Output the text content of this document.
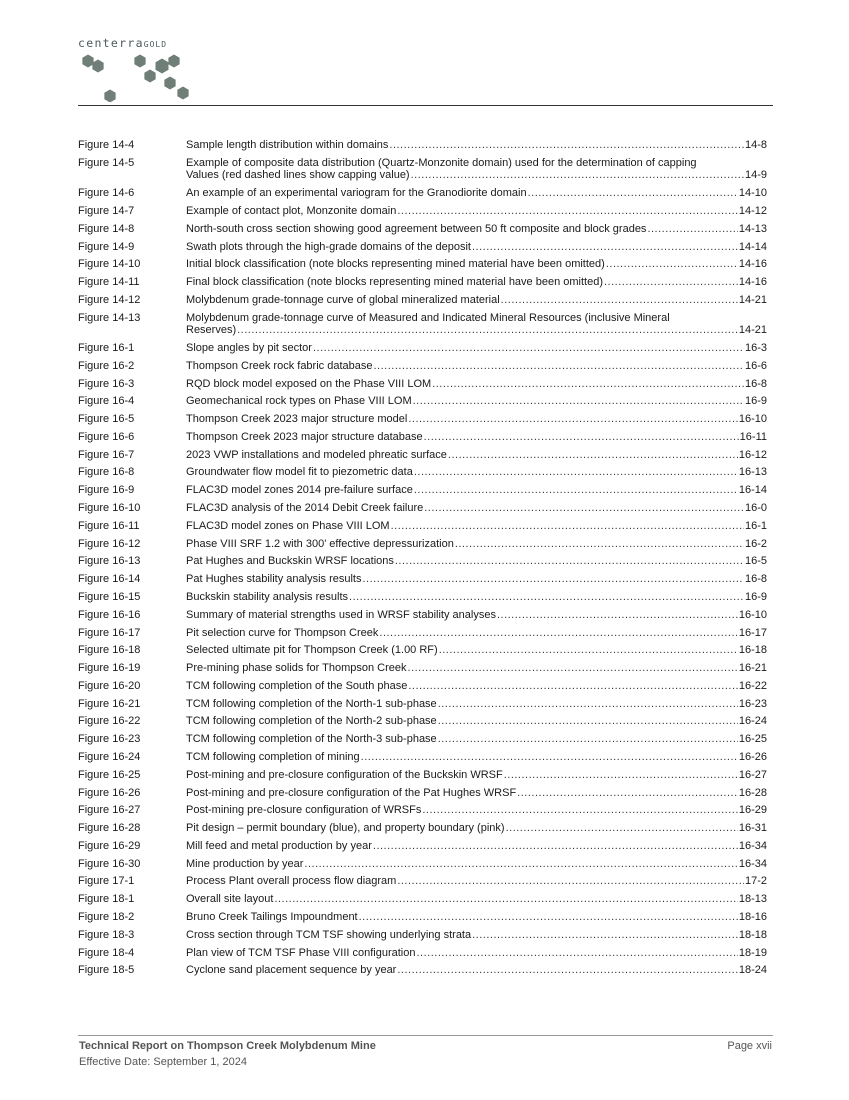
centerraGOLD
Figure 14-4	Sample length distribution within domains .....	14-8
Figure 14-5	Example of composite data distribution (Quartz-Monzonite domain) used for the determination of capping
Values (red dashed lines show capping value) .....	14-9
Figure 14-6	An example of an experimental variogram for the Granodiorite domain .....	14-10
Figure 14-7	Example of contact plot, Monzonite domain .....	14-12
Figure 14-8	North-south cross section showing good agreement between 50 ft composite and block grades .....	14-13
Figure 14-9	Swath plots through the high-grade domains of the deposit .....	14-14
Figure 14-10	Initial block classification (note blocks representing mined material have been omitted) .....	14-16
Figure 14-11	Final block classification (note blocks representing mined material have been omitted) .....	14-16
Figure 14-12	Molybdenum grade-tonnage curve of global mineralized material .....	14-21
Figure 14-13	Molybdenum grade-tonnage curve of Measured and Indicated Mineral Resources (inclusive Mineral
Reserves) .....	14-21
Figure 16-1	Slope angles by pit sector .....	16-3
Figure 16-2	Thompson Creek rock fabric database .....	16-6
Figure 16-3	RQD block model exposed on the Phase VIII LOM .....	16-8
Figure 16-4	Geomechanical rock types on Phase VIII LOM .....	16-9
Figure 16-5	Thompson Creek 2023 major structure model .....	16-10
Figure 16-6	Thompson Creek 2023 major structure database .....	16-11
Figure 16-7	2023 VWP installations and modeled phreatic surface .....	16-12
Figure 16-8	Groundwater flow model fit to piezometric data .....	16-13
Figure 16-9	FLAC3D model zones 2014 pre-failure surface .....	16-14
Figure 16-10	FLAC3D analysis of the 2014 Debit Creek failure .....	16-0
Figure 16-11	FLAC3D model zones on Phase VIII LOM .....	16-1
Figure 16-12	Phase VIII SRF 1.2 with 300’ effective depressurization .....	16-2
Figure 16-13	Pat Hughes and Buckskin WRSF locations .....	16-5
Figure 16-14	Pat Hughes stability analysis results .....	16-8
Figure 16-15	Buckskin stability analysis results .....	16-9
Figure 16-16	Summary of material strengths used in WRSF stability analyses .....	16-10
Figure 16-17	Pit selection curve for Thompson Creek .....	16-17
Figure 16-18	Selected ultimate pit for Thompson Creek (1.00 RF) .....	16-18
Figure 16-19	Pre-mining phase solids for Thompson Creek .....	16-21
Figure 16-20	TCM following completion of the South phase .....	16-22
Figure 16-21	TCM following completion of the North-1 sub-phase .....	16-23
Figure 16-22	TCM following completion of the North-2 sub-phase .....	16-24
Figure 16-23	TCM following completion of the North-3 sub-phase .....	16-25
Figure 16-24	TCM following completion of mining .....	16-26
Figure 16-25	Post-mining and pre-closure configuration of the Buckskin WRSF .....	16-27
Figure 16-26	Post-mining and pre-closure configuration of the Pat Hughes WRSF .....	16-28
Figure 16-27	Post-mining pre-closure configuration of WRSFs .....	16-29
Figure 16-28	Pit design – permit boundary (blue), and property boundary (pink) .....	16-31
Figure 16-29	Mill feed and metal production by year .....	16-34
Figure 16-30	Mine production by year .....	16-34
Figure 17-1	Process Plant overall process flow diagram .....	17-2
Figure 18-1	Overall site layout .....	18-13
Figure 18-2	Bruno Creek Tailings Impoundment .....	18-16
Figure 18-3	Cross section through TCM TSF showing underlying strata .....	18-18
Figure 18-4	Plan view of TCM TSF Phase VIII configuration .....	18-19
Figure 18-5	Cyclone sand placement sequence by year .....	18-24
Technical Report on Thompson Creek Molybdenum Mine
Effective Date: September 1, 2024
Page xvii
